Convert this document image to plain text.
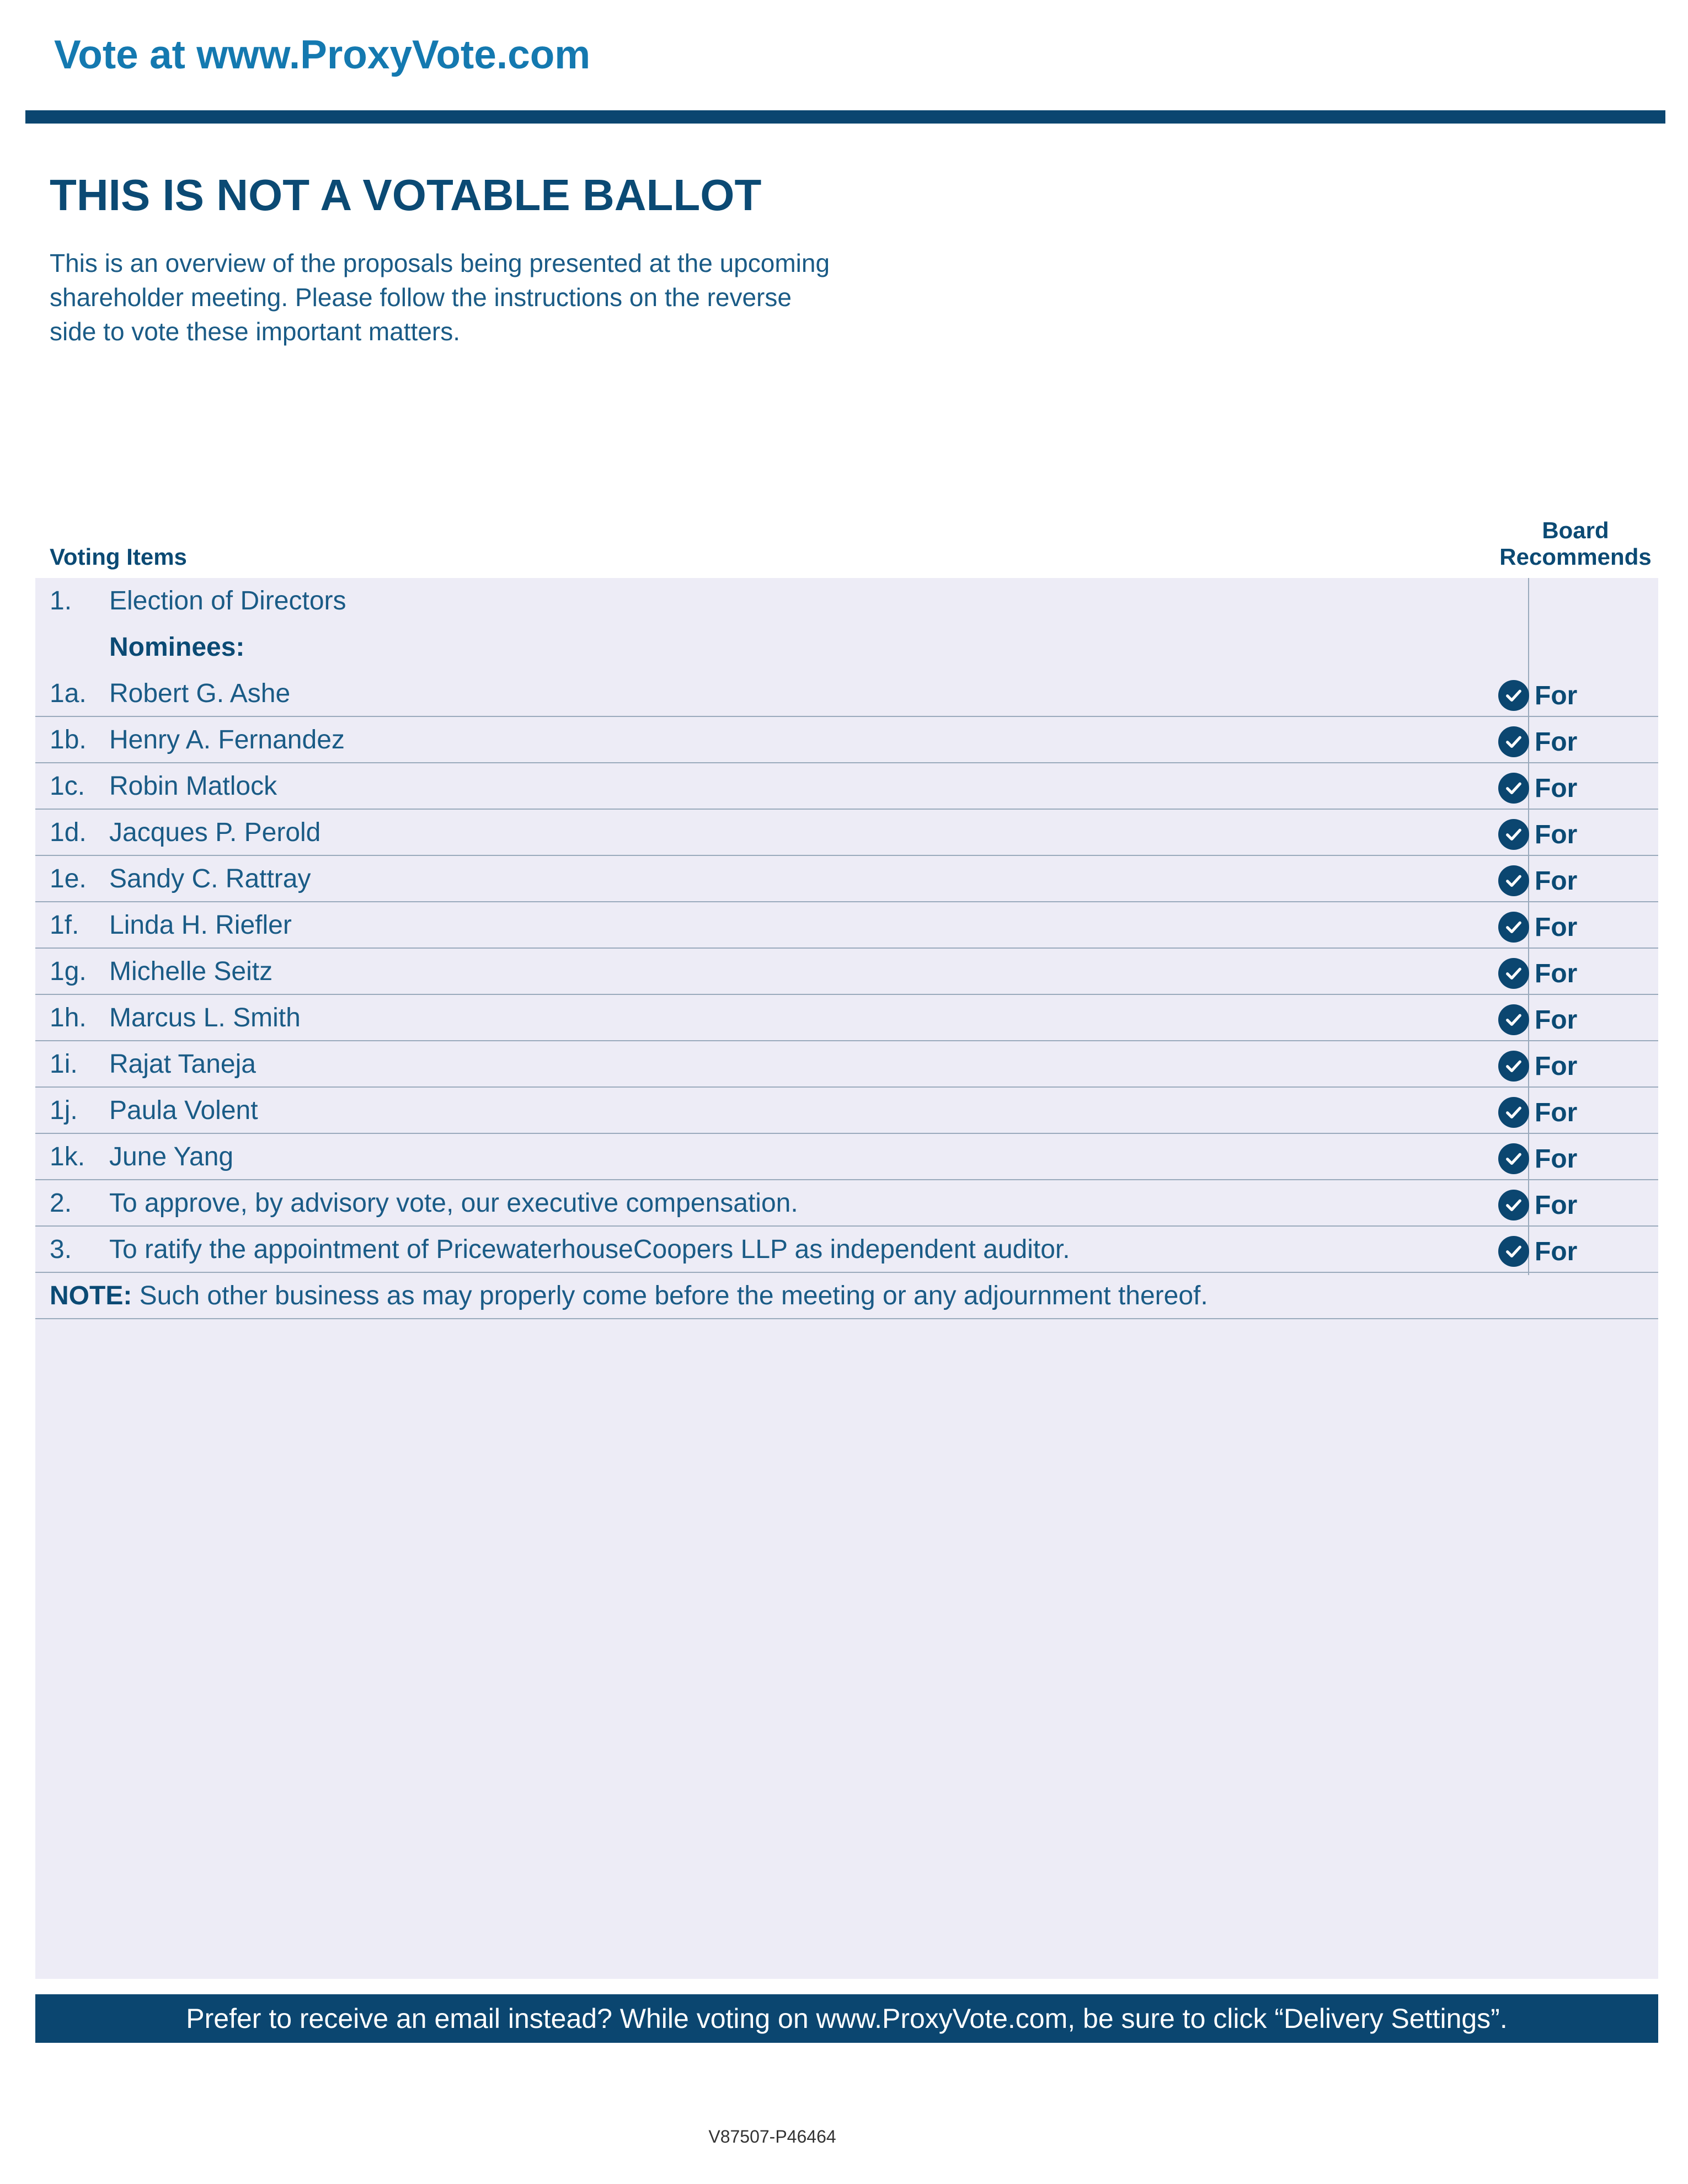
Vote at www.ProxyVote.com
THIS IS NOT A VOTABLE BALLOT
This is an overview of the proposals being presented at the upcoming shareholder meeting. Please follow the instructions on the reverse side to vote these important matters.
Voting Items
Board
Recommends
1. Election of Directors
Nominees:
1a. Robert G. Ashe	For
1b. Henry A. Fernandez	For
1c. Robin Matlock	For
1d. Jacques P. Perold	For
1e. Sandy C. Rattray	For
1f. Linda H. Riefler	For
1g. Michelle Seitz	For
1h. Marcus L. Smith	For
1i. Rajat Taneja	For
1j. Paula Volent	For
1k. June Yang	For
2. To approve, by advisory vote, our executive compensation.	For
3. To ratify the appointment of PricewaterhouseCoopers LLP as independent auditor.	For
NOTE: Such other business as may properly come before the meeting or any adjournment thereof.
Prefer to receive an email instead? While voting on www.ProxyVote.com, be sure to click “Delivery Settings”.
V87507-P46464
